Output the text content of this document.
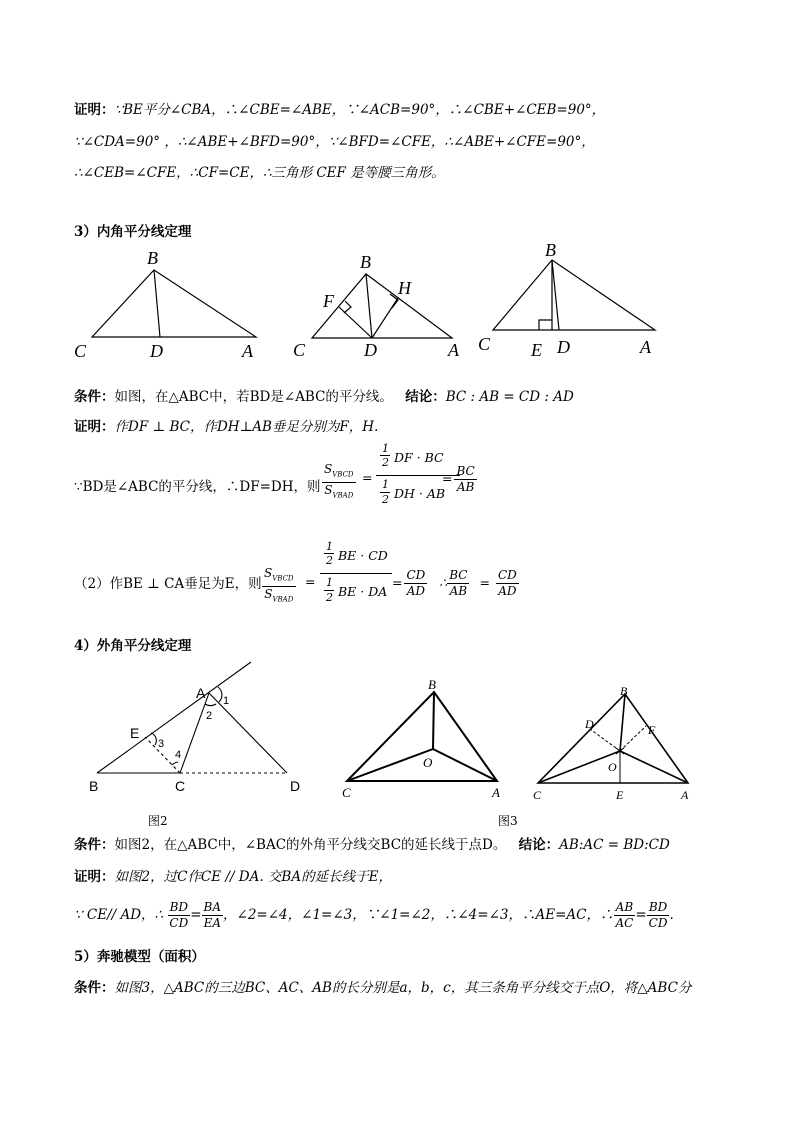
证明：∵BE平分∠CBA，∴∠CBE=∠ABE，∵∠ACB=90°，∴∠CBE+∠CEB=90°，
∵∠CDA=90° ，∴∠ABE+∠BFD=90°，∵∠BFD=∠CFE，∴∠ABE+∠CFE=90°，
∴∠CEB=∠CFE，∴CF=CE，∴三角形 CEF 是等腰三角形。
3）内角平分线定理
B
C	D	A
B
F
H
C	D	A
B
C E D	A
条件：如图，在△ABC中，若BD是∠ABC的平分线。 结论：BC : AB = CD : AD
证明：作DF ⊥ BC，作DH⊥AB垂足分别为F，H.
∵BD是∠ABC的平分线，∴DF=DH，则 $\frac{S_{VBCD}}{S_{VBAD}}$ =
1
2 DF · BC
1
2 DH · AB
= $\frac{BC}{AB}$
（2）作BE ⊥ CA垂足为E，则 $\frac{S_{VBCD}}{S_{VBAD}}$ =
1
2 BE · CD
1
2 BE · DA
= $\frac{CD}{AD}$ ∴ $\frac{BC}{AB} = \frac{CD}{AD}$
4）外角平分线定理
A 1
2
E
3
4
B	C	D
图2
B
O
C	A
图3
B
D	F
O
C	E	A
条件：如图2，在△ABC中，∠BAC的外角平分线交BC的延长线于点D。 结论：AB:AC = BD:CD
证明：如图2，过C作CE // DA. 交BA的延长线于E，
∵ CE// AD，∴ $\frac{BD}{CD} = \frac{BA}{EA}$ ，∠2=∠4，∠1=∠3，∵∠1=∠2，∴∠4=∠3，∴AE=AC，∴ $\frac{AB}{AC} = \frac{BD}{CD}$ .
5）奔驰模型（面积）
条件：如图3，△ABC的三边BC、AC、AB的长分别是a，b，c，其三条角平分线交于点O，将△ABC分
